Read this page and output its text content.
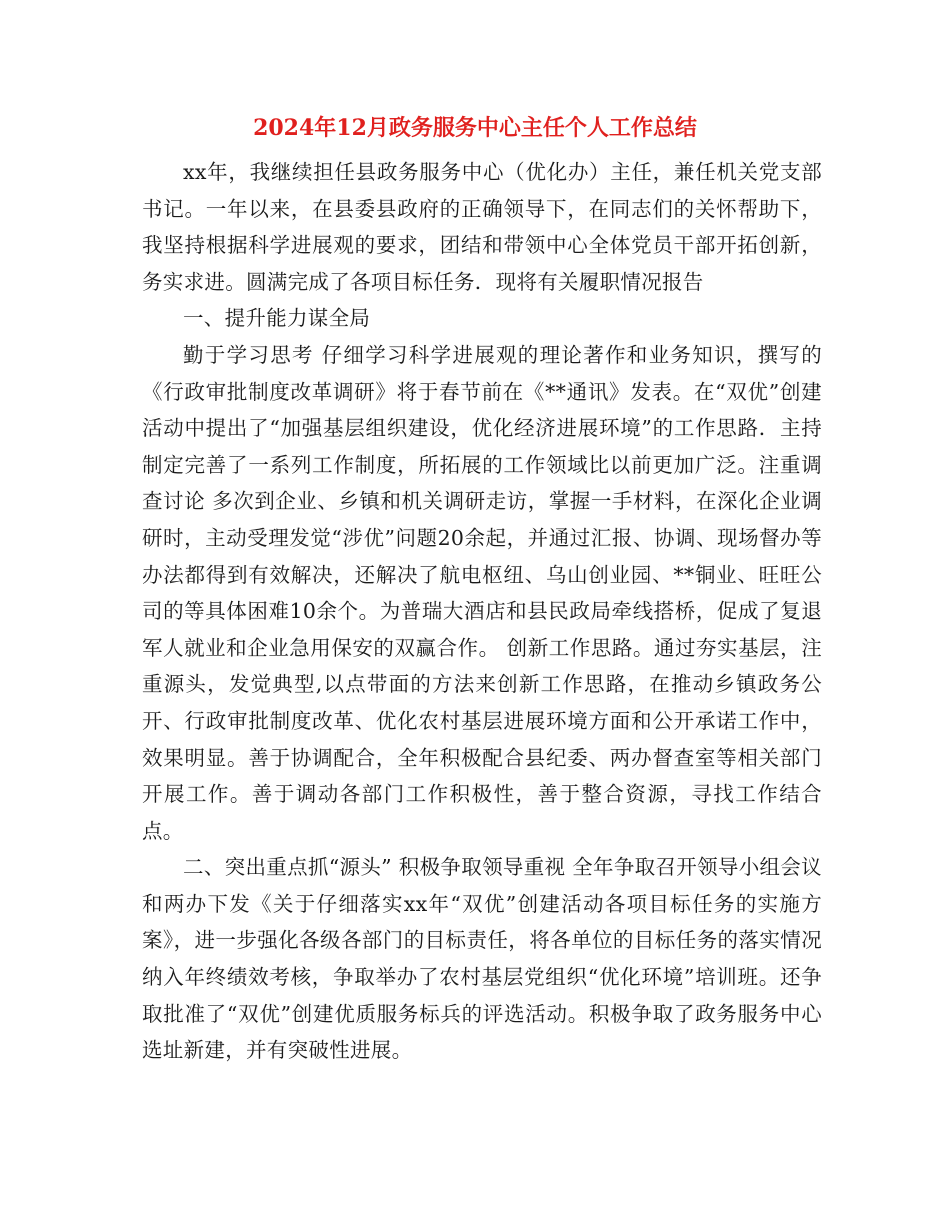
2024年12月政务服务中心主任个人工作总结

xx年，我继续担任县政务服务中心（优化办）主任，兼任机关党支部书记。一年以来，在县委县政府的正确领导下，在同志们的关怀帮助下，我坚持根据科学进展观的要求，团结和带领中心全体党员干部开拓创新，务实求进。圆满完成了各项目标任务．现将有关履职情况报告

一、提升能力谋全局

勤于学习思考 仔细学习科学进展观的理论著作和业务知识，撰写的《行政审批制度改革调研》将于春节前在《**通讯》发表。在“双优”创建活动中提出了“加强基层组织建设，优化经济进展环境”的工作思路．主持制定完善了一系列工作制度，所拓展的工作领域比以前更加广泛。注重调查讨论 多次到企业、乡镇和机关调研走访，掌握一手材料，在深化企业调研时，主动受理发觉“涉优”问题20余起，并通过汇报、协调、现场督办等办法都得到有效解决，还解决了航电枢纽、乌山创业园、**铜业、旺旺公司的等具体困难10余个。为普瑞大酒店和县民政局牵线搭桥，促成了复退军人就业和企业急用保安的双赢合作。 创新工作思路。通过夯实基层，注重源头，发觉典型,以点带面的方法来创新工作思路，在推动乡镇政务公开、行政审批制度改革、优化农村基层进展环境方面和公开承诺工作中，效果明显。善于协调配合，全年积极配合县纪委、两办督查室等相关部门开展工作。善于调动各部门工作积极性，善于整合资源，寻找工作结合点。

二、突出重点抓“源头” 积极争取领导重视 全年争取召开领导小组会议和两办下发《关于仔细落实xx年“双优”创建活动各项目标任务的实施方案》，进一步强化各级各部门的目标责任，将各单位的目标任务的落实情况纳入年终绩效考核，争取举办了农村基层党组织“优化环境”培训班。还争取批准了“双优”创建优质服务标兵的评选活动。积极争取了政务服务中心选址新建，并有突破性进展。
